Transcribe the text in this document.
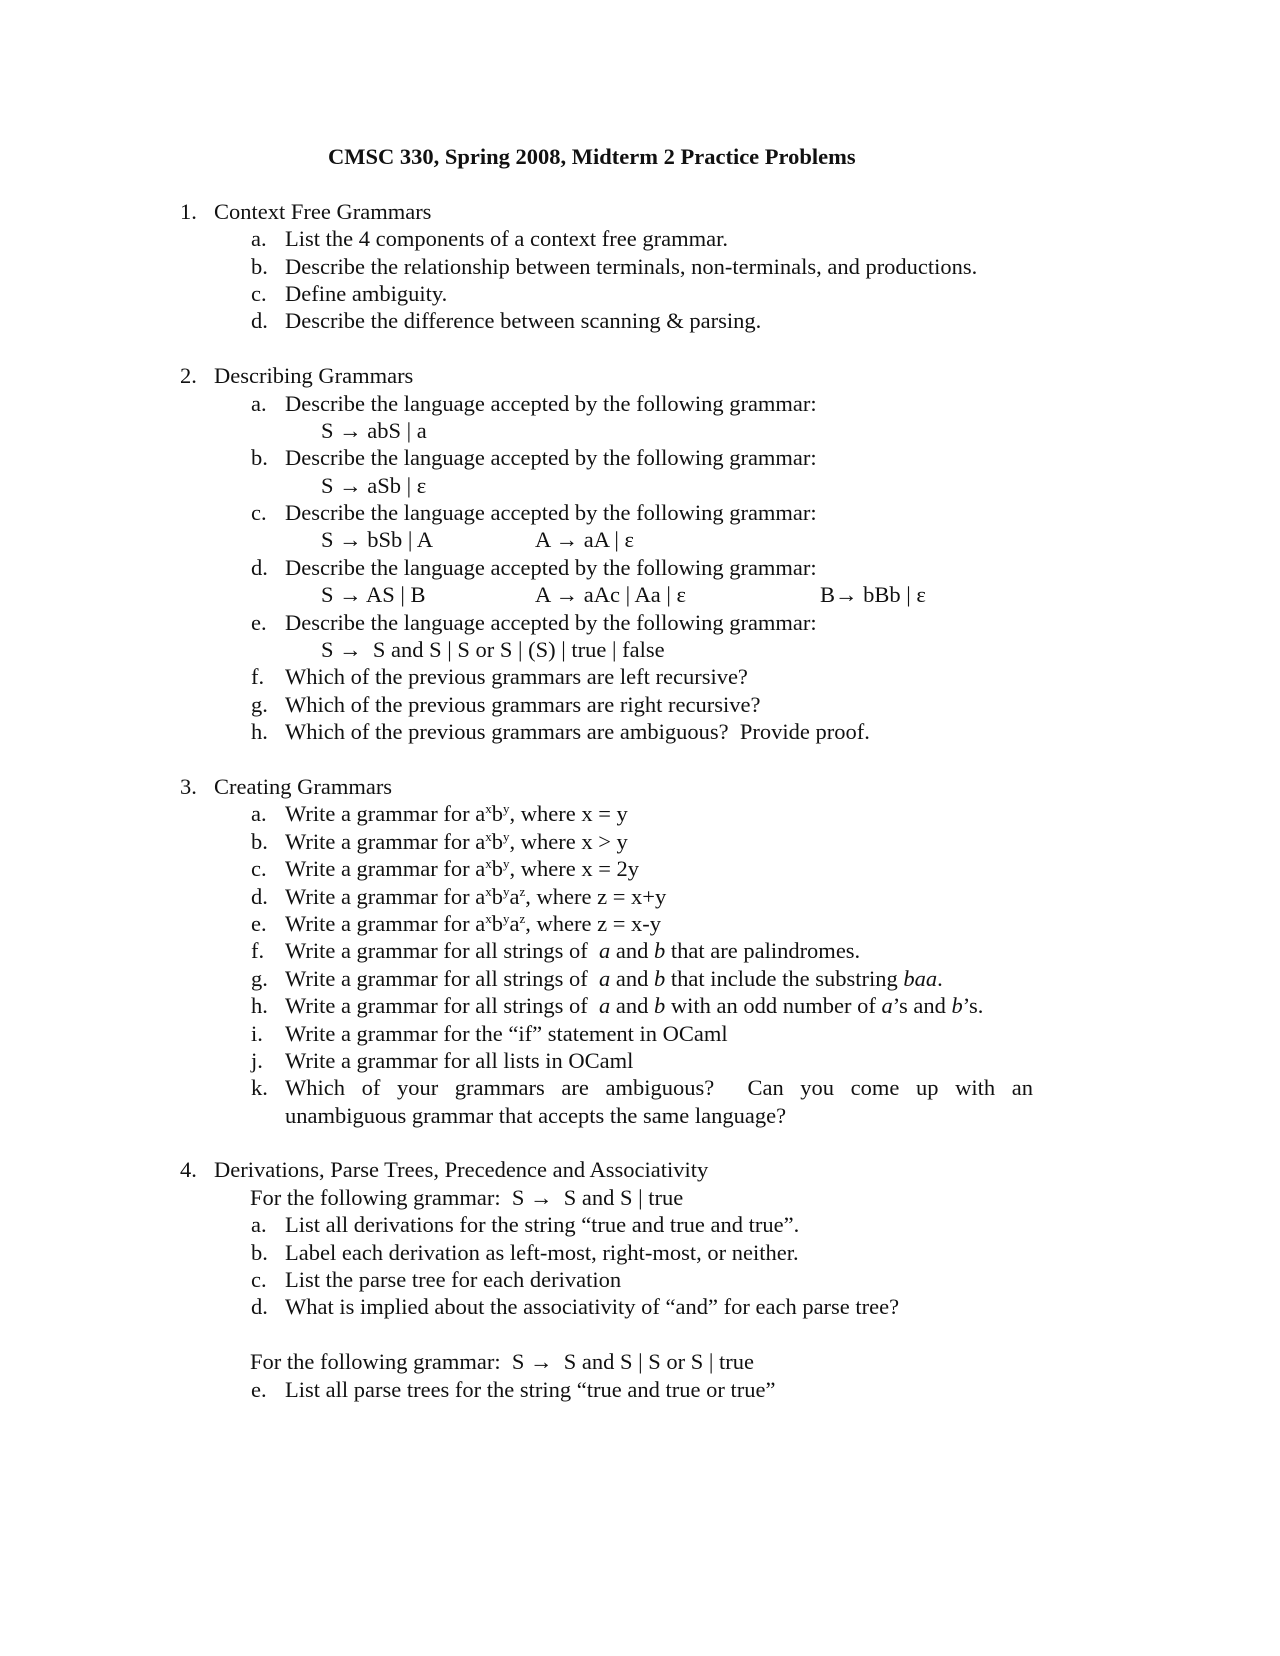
CMSC 330, Spring 2008, Midterm 2 Practice Problems
1. Context Free Grammars
a. List the 4 components of a context free grammar.
b. Describe the relationship between terminals, non-terminals, and productions.
c. Define ambiguity.
d. Describe the difference between scanning & parsing.
2. Describing Grammars
a. Describe the language accepted by the following grammar:
S → abS | a
b. Describe the language accepted by the following grammar:
S → aSb | ε
c. Describe the language accepted by the following grammar:
S → bSb | A	A → aA | ε
d. Describe the language accepted by the following grammar:
S → AS | B	A → aAc | Aa | ε	B→ bBb | ε
e. Describe the language accepted by the following grammar:
S →  S and S | S or S | (S) | true | false
f. Which of the previous grammars are left recursive?
g. Which of the previous grammars are right recursive?
h. Which of the previous grammars are ambiguous?  Provide proof.
3. Creating Grammars
a. Write a grammar for $a^xb^y$, where x = y
b. Write a grammar for $a^xb^y$, where x > y
c. Write a grammar for $a^xb^y$, where x = 2y
d. Write a grammar for $a^xb^ya^z$, where z = x+y
e. Write a grammar for $a^xb^ya^z$, where z = x-y
f. Write a grammar for all strings of  a and b that are palindromes.
g. Write a grammar for all strings of  a and b that include the substring baa.
h. Write a grammar for all strings of  a and b with an odd number of a’s and b’s.
i. Write a grammar for the “if” statement in OCaml
j. Write a grammar for all lists in OCaml
k. Which of your grammars are ambiguous?  Can you come up with an
unambiguous grammar that accepts the same language?
4. Derivations, Parse Trees, Precedence and Associativity
For the following grammar:  S →  S and S | true
a. List all derivations for the string “true and true and true”.
b. Label each derivation as left-most, right-most, or neither.
c. List the parse tree for each derivation
d. What is implied about the associativity of “and” for each parse tree?
For the following grammar:  S →  S and S | S or S | true
e. List all parse trees for the string “true and true or true”
